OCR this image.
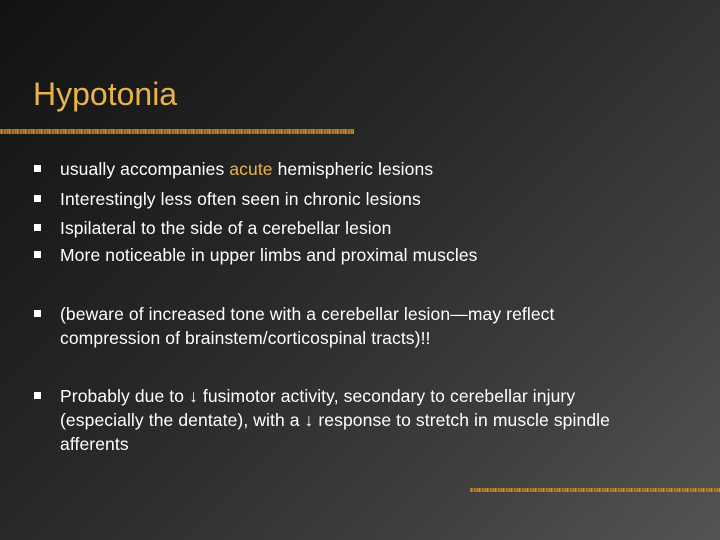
Hypotonia
usually accompanies acute hemispheric lesions
Interestingly less often seen in chronic lesions
Ispilateral to the side of a cerebellar lesion
More noticeable in upper limbs and proximal muscles
(beware of increased tone with a cerebellar lesion—may reflect compression of brainstem/corticospinal tracts)!!
Probably due to ↓ fusimotor activity, secondary to cerebellar injury (especially the dentate), with a ↓ response to stretch in muscle spindle afferents
